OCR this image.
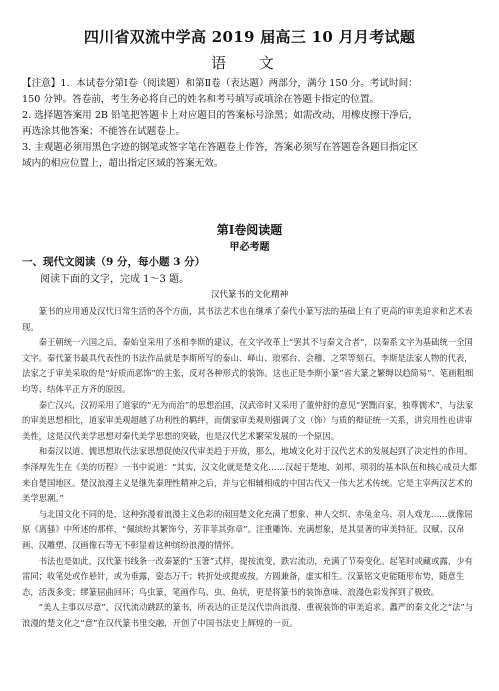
四川省双流中学高 2019 届高三 10 月月考试题
语 文

【注意】1．本试卷分第Ⅰ卷（阅读题）和第Ⅱ卷（表达题）两部分，满分 150 分。考试时间：

150 分钟。答卷前，考生务必将自己的姓名和考号填写或填涂在答题卡指定的位置。

2. 选择题答案用 2B 铅笔把答题卡上对应题目的答案标号涂黑；如需改动，用橡皮擦干净后，

再选涂其他答案；不能答在试题卷上。

3. 主观题必须用黑色字迹的钢笔或签字笔在答题卷上作答，答案必须写在答题卷各题目指定区

域内的相应位置上，超出指定区域的答案无效。

第Ⅰ卷阅读题
甲必考题
一、现代文阅读（9 分，每小题 3 分）
阅读下面的文字，完成 1～3 题。
汉代篆书的文化精神

篆书的应用通及汉代日常生活的各个方面，其书法艺术也在继承了秦代小篆写法的基础上有了更高的审美追求和艺术表现。

秦王朝统一六国之后，秦始皇采用了丞相李斯的建议，在文字改革上“罢其不与秦文合者”，以秦系文字为基础统一全国文字。秦代篆书最具代表性的书法作品就是李斯所写的泰山、峄山、琅邪台、会稽、之罘等刻石。李斯是法家人物的代表，法家之于审美采取的是“好质而恶饰”的主张，反对各种形式的装饰。这也正是李斯小篆“省大篆之繁缛以趋简易”、笔画粗细均等、结体平正方齐的原因。

秦亡汉兴，汉初采用了道家的“无为而治”的思想治国，汉武帝时又采用了董仲舒的意见“罢黜百家，独尊儒术”，与法家的审美思想相比，道家审美观超越了功利性的羁绊，而儒家审美观则强调了文（饰）与质的辩证统一关系，讲究用性也讲审美性，这是汉代美学思想对秦代美学思想的突破，也是汉代艺术繁荣发展的一个原因。

和秦汉以道、儒思想取代法家思想促使汉代审美趋于开放，那么，地域文化对于汉代艺术的发展起到了决定性的作用。李泽厚先生在《美的历程》一书中说道：“其实，汉文化就是楚文化……汉起于楚地，刘邦、项羽的基本队伍和核心成员大都来自楚国地区。楚汉浪漫主义是继先秦理性精神之后，并与它相辅相成的中国古代又一伟大艺术传统。它是主宰两汉艺术的美学思潮。”

与北国文化不同的是，这种弥漫着浪漫主义色彩的南国楚文化充满了想象、神人交织、赤兔金乌、羽人戏龙……就像屈原《离骚》中所述的那样，“佩缤纷其繁饰兮，芳菲菲其弥章”。注重雕饰、充满想象，是其显著的审美特征。汉赋、汉帛画、汉雕塑、汉画像石等无不彰显着这种缤纷浪漫的情怀。

书法也是如此，汉代篆书线条一改秦篆的“玉箸”式样，提按流变，跌宕流动，充满了节奏变化。起笔时或藏或露，少有雷同；收笔处或作悬针，或为垂露，姿态万千；转折处或提或按，方圆兼备，虚实相生。汉篆铭文更能随形布势，随意生态，活泼多变；缪篆屈曲回环；鸟虫篆，笔画作鸟、虫、鱼状，更是将篆书的装饰意味、浪漫色彩发挥到了极致。

“美人主事以尽意”，汉代流动跳跃的篆书，所表达的正是汉代崇尚浪漫、重视装饰的审美追求。蠡严的秦文化之“法”与浪漫的楚文化之“意”在汉代篆书里交融，开创了中国书法史上辉煌的一页。
